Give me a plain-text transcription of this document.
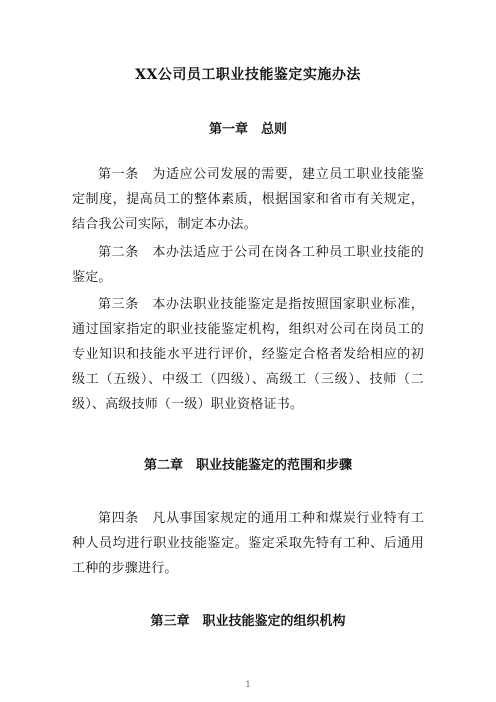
XX公司员工职业技能鉴定实施办法
第一章　总则

第一条　为适应公司发展的需要，建立员工职业技能鉴定制度，提高员工的整体素质，根据国家和省市有关规定，结合我公司实际，制定本办法。

第二条　本办法适应于公司在岗各工种员工职业技能的鉴定。

第三条　本办法职业技能鉴定是指按照国家职业标准，通过国家指定的职业技能鉴定机构，组织对公司在岗员工的专业知识和技能水平进行评价，经鉴定合格者发给相应的初级工（五级）、中级工（四级）、高级工（三级）、技师（二级）、高级技师（一级）职业资格证书。

第二章　职业技能鉴定的范围和步骤

第四条　凡从事国家规定的通用工种和煤炭行业特有工种人员均进行职业技能鉴定。鉴定采取先特有工种、后通用工种的步骤进行。

第三章　职业技能鉴定的组织机构
1
